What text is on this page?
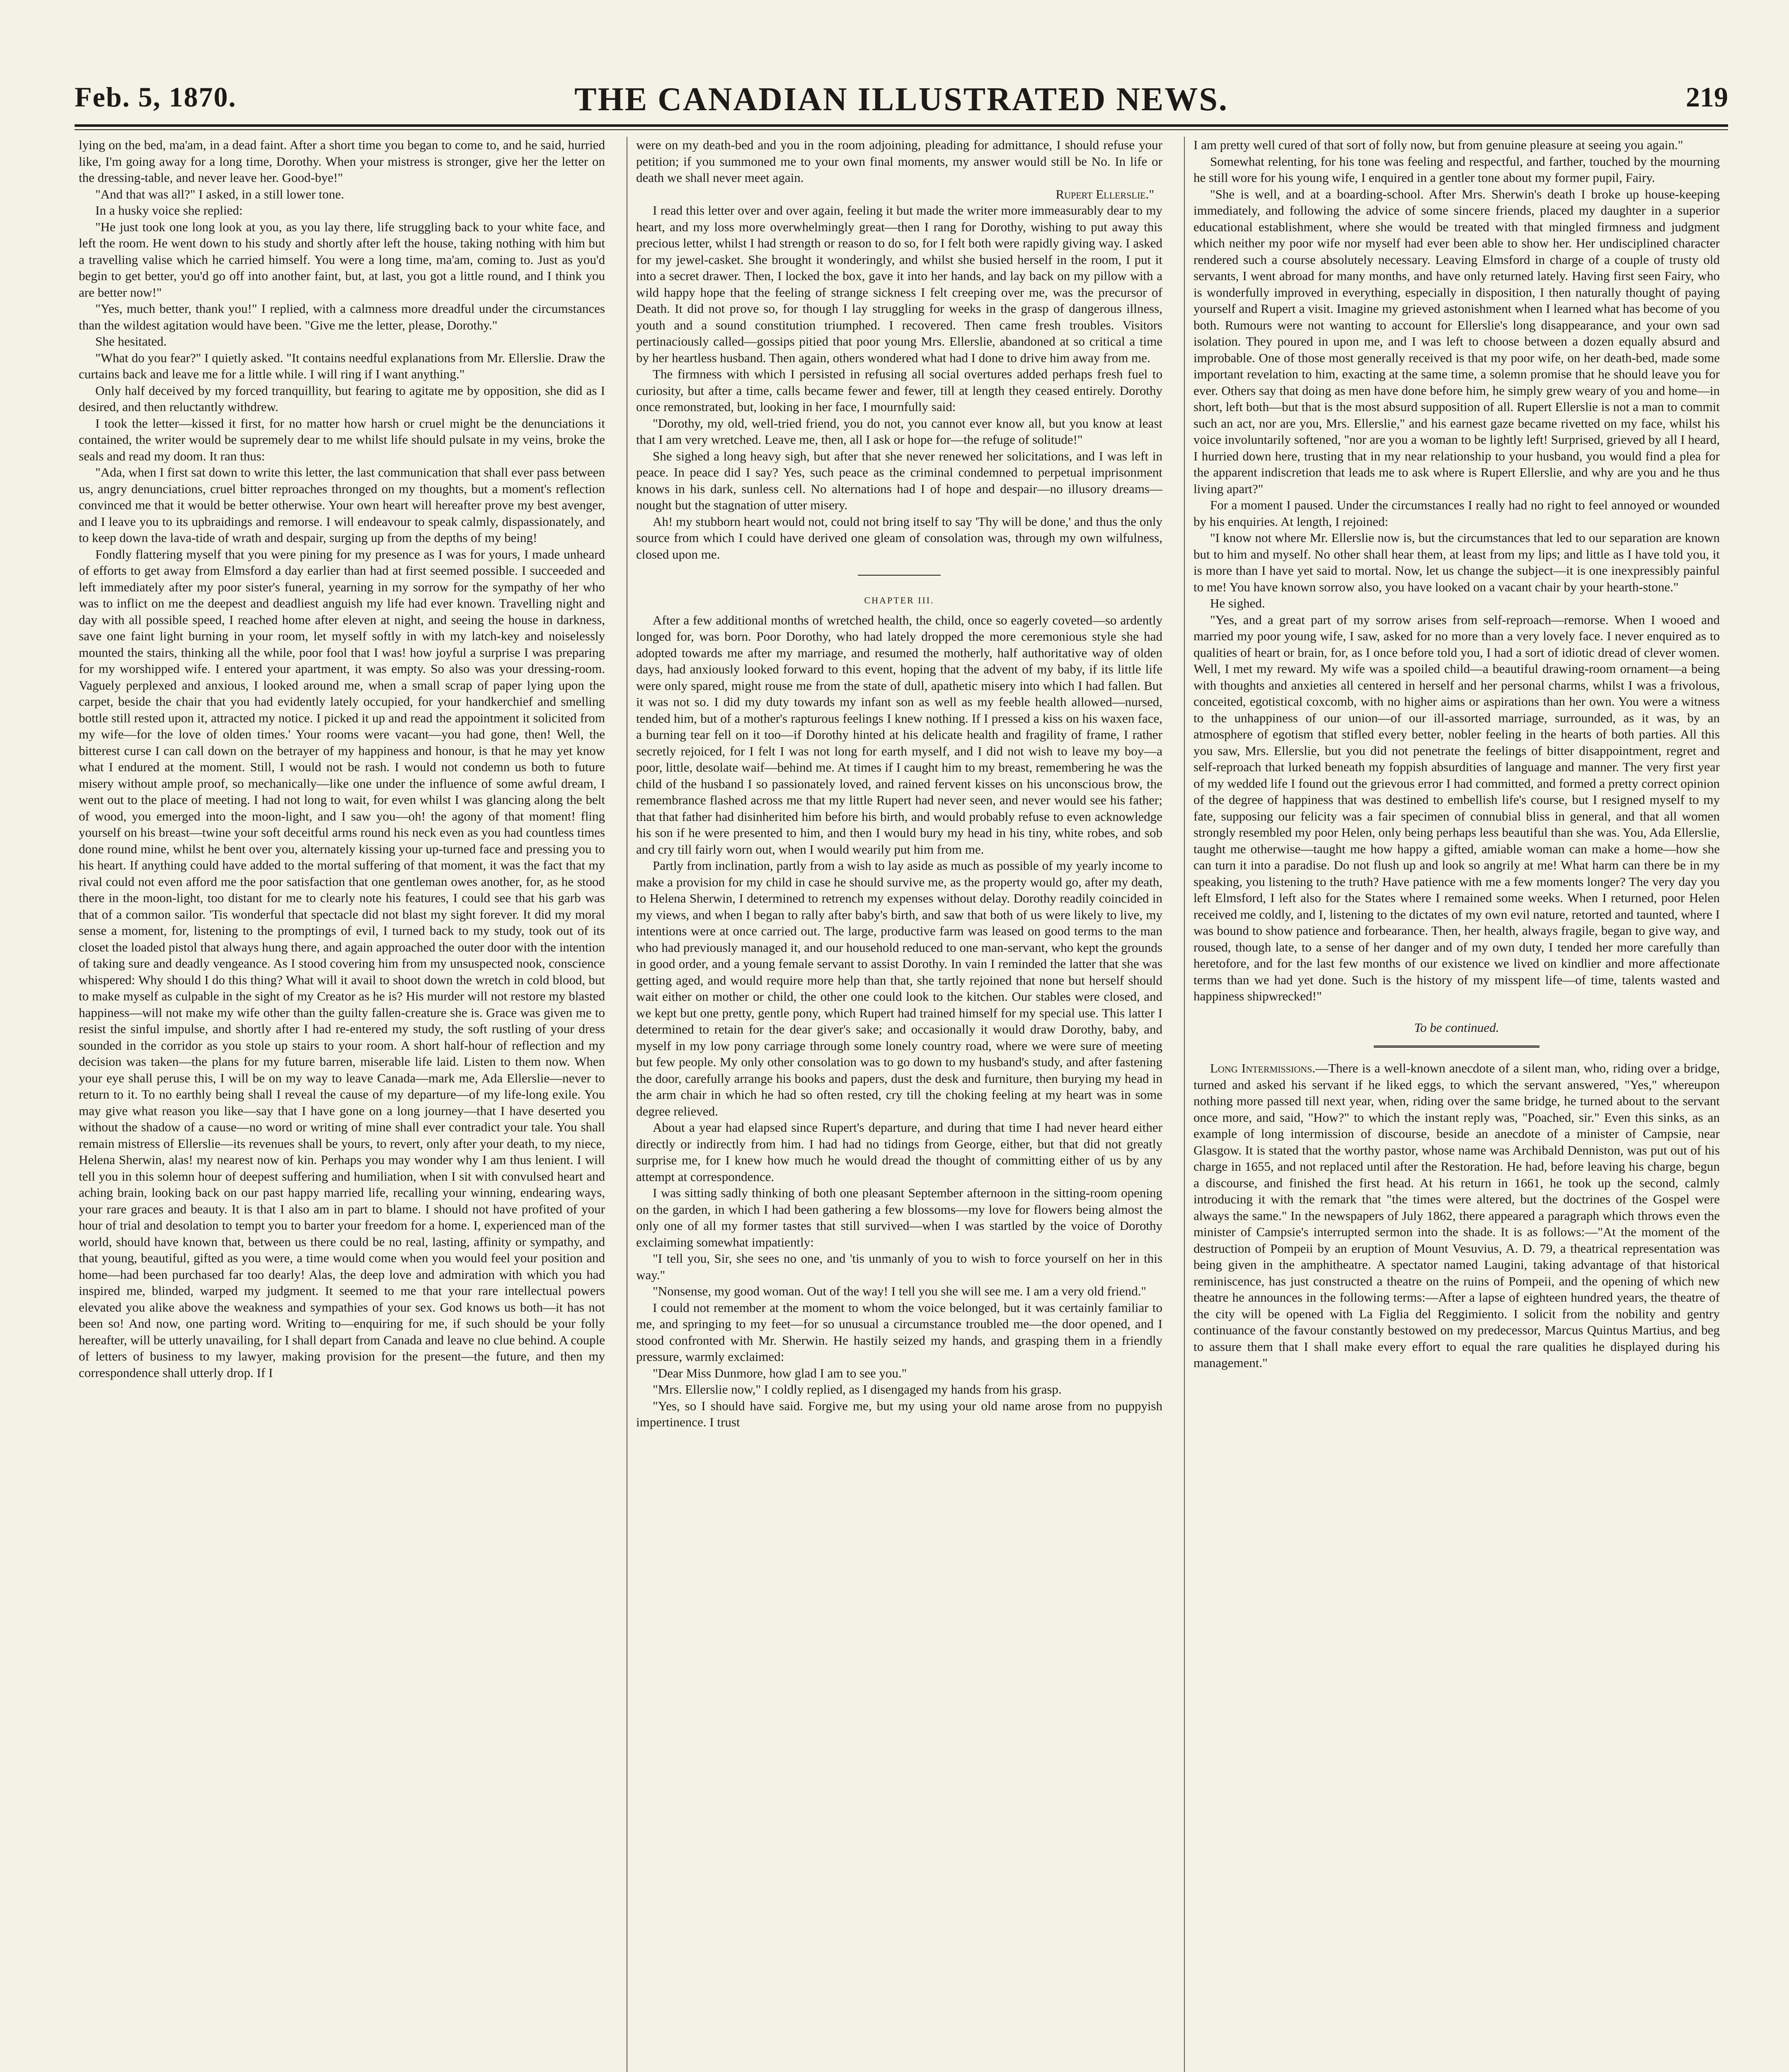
Feb. 5, 1870.	THE CANADIAN ILLUSTRATED NEWS.	219

lying on the bed, ma'am, in a dead faint. After a short time you began to come to, and he said, hurried like, I'm going away for a long time, Dorothy. When your mistress is stronger, give her the letter on the dressing-table, and never leave her. Good-bye!"

"And that was all?" I asked, in a still lower tone.

In a husky voice she replied:

"He just took one long look at you, as you lay there, life struggling back to your white face, and left the room. He went down to his study and shortly after left the house, taking nothing with him but a travelling valise which he carried himself. You were a long time, ma'am, coming to. Just as you'd begin to get better, you'd go off into another faint, but, at last, you got a little round, and I think you are better now!"

"Yes, much better, thank you!" I replied, with a calmness more dreadful under the circumstances than the wildest agitation would have been. "Give me the letter, please, Dorothy."

She hesitated.

"What do you fear?" I quietly asked. "It contains needful explanations from Mr. Ellerslie. Draw the curtains back and leave me for a little while. I will ring if I want anything."

Only half deceived by my forced tranquillity, but fearing to agitate me by opposition, she did as I desired, and then reluctantly withdrew.

I took the letter—kissed it first, for no matter how harsh or cruel might be the denunciations it contained, the writer would be supremely dear to me whilst life should pulsate in my veins, broke the seals and read my doom. It ran thus:

"Ada, when I first sat down to write this letter, the last communication that shall ever pass between us, angry denunciations, cruel bitter reproaches thronged on my thoughts, but a moment's reflection convinced me that it would be better otherwise. Your own heart will hereafter prove my best avenger, and I leave you to its upbraidings and remorse. I will endeavour to speak calmly, dispassionately, and to keep down the lava-tide of wrath and despair, surging up from the depths of my being!

Fondly flattering myself that you were pining for my presence as I was for yours, I made unheard of efforts to get away from Elmsford a day earlier than had at first seemed possible. I succeeded and left immediately after my poor sister's funeral, yearning in my sorrow for the sympathy of her who was to inflict on me the deepest and deadliest anguish my life had ever known. Travelling night and day with all possible speed, I reached home after eleven at night, and seeing the house in darkness, save one faint light burning in your room, let myself softly in with my latch-key and noiselessly mounted the stairs, thinking all the while, poor fool that I was! how joyful a surprise I was preparing for my worshipped wife. I entered your apartment, it was empty. So also was your dressing-room. Vaguely perplexed and anxious, I looked around me, when a small scrap of paper lying upon the carpet, beside the chair that you had evidently lately occupied, for your handkerchief and smelling bottle still rested upon it, attracted my notice. I picked it up and read the appointment it solicited from my wife—for the love of olden times.' Your rooms were vacant—you had gone, then! Well, the bitterest curse I can call down on the betrayer of my happiness and honour, is that he may yet know what I endured at the moment. Still, I would not be rash. I would not condemn us both to future misery without ample proof, so mechanically—like one under the influence of some awful dream, I went out to the place of meeting. I had not long to wait, for even whilst I was glancing along the belt of wood, you emerged into the moon-light, and I saw you—oh! the agony of that moment! fling yourself on his breast—twine your soft deceitful arms round his neck even as you had countless times done round mine, whilst he bent over you, alternately kissing your up-turned face and pressing you to his heart. If anything could have added to the mortal suffering of that moment, it was the fact that my rival could not even afford me the poor satisfaction that one gentleman owes another, for, as he stood there in the moon-light, too distant for me to clearly note his features, I could see that his garb was that of a common sailor. 'Tis wonderful that spectacle did not blast my sight forever. It did my moral sense a moment, for, listening to the promptings of evil, I turned back to my study, took out of its closet the loaded pistol that always hung there, and again approached the outer door with the intention of taking sure and deadly vengeance. As I stood covering him from my unsuspected nook, conscience whispered: Why should I do this thing? What will it avail to shoot down the wretch in cold blood, but to make myself as culpable in the sight of my Creator as he is? His murder will not restore my blasted happiness—will not make my wife other than the guilty fallen-creature she is. Grace was given me to resist the sinful impulse, and shortly after I had re-entered my study, the soft rustling of your dress sounded in the corridor as you stole up stairs to your room. A short half-hour of reflection and my decision was taken—the plans for my future barren, miserable life laid. Listen to them now. When your eye shall peruse this, I will be on my way to leave Canada—mark me, Ada Ellerslie—never to return to it. To no earthly being shall I reveal the cause of my departure—of my life-long exile. You may give what reason you like—say that I have gone on a long journey—that I have deserted you without the shadow of a cause—no word or writing of mine shall ever contradict your tale. You shall remain mistress of Ellerslie—its revenues shall be yours, to revert, only after your death, to my niece, Helena Sherwin, alas! my nearest now of kin. Perhaps you may wonder why I am thus lenient. I will tell you in this solemn hour of deepest suffering and humiliation, when I sit with convulsed heart and aching brain, looking back on our past happy married life, recalling your winning, endearing ways, your rare graces and beauty. It is that I also am in part to blame. I should not have profited of your hour of trial and desolation to tempt you to barter your freedom for a home. I, experienced man of the world, should have known that, between us there could be no real, lasting, affinity or sympathy, and that young, beautiful, gifted as you were, a time would come when you would feel your position and home—had been purchased far too dearly! Alas, the deep love and admiration with which you had inspired me, blinded, warped my judgment. It seemed to me that your rare intellectual powers elevated you alike above the weakness and sympathies of your sex. God knows us both—it has not been so! And now, one parting word. Writing to—enquiring for me, if such should be your folly hereafter, will be utterly unavailing, for I shall depart from Canada and leave no clue behind. A couple of letters of business to my lawyer, making provision for the present—the future, and then my correspondence shall utterly drop. If I

were on my death-bed and you in the room adjoining, pleading for admittance, I should refuse your petition; if you summoned me to your own final moments, my answer would still be No. In life or death we shall never meet again.

Rupert Ellerslie."

I read this letter over and over again, feeling it but made the writer more immeasurably dear to my heart, and my loss more overwhelmingly great—then I rang for Dorothy, wishing to put away this precious letter, whilst I had strength or reason to do so, for I felt both were rapidly giving way. I asked for my jewel-casket. She brought it wonderingly, and whilst she busied herself in the room, I put it into a secret drawer. Then, I locked the box, gave it into her hands, and lay back on my pillow with a wild happy hope that the feeling of strange sickness I felt creeping over me, was the precursor of Death. It did not prove so, for though I lay struggling for weeks in the grasp of dangerous illness, youth and a sound constitution triumphed. I recovered. Then came fresh troubles. Visitors pertinaciously called—gossips pitied that poor young Mrs. Ellerslie, abandoned at so critical a time by her heartless husband. Then again, others wondered what had I done to drive him away from me.

The firmness with which I persisted in refusing all social overtures added perhaps fresh fuel to curiosity, but after a time, calls became fewer and fewer, till at length they ceased entirely. Dorothy once remonstrated, but, looking in her face, I mournfully said:

"Dorothy, my old, well-tried friend, you do not, you cannot ever know all, but you know at least that I am very wretched. Leave me, then, all I ask or hope for—the refuge of solitude!"

She sighed a long heavy sigh, but after that she never renewed her solicitations, and I was left in peace. In peace did I say? Yes, such peace as the criminal condemned to perpetual imprisonment knows in his dark, sunless cell. No alternations had I of hope and despair—no illusory dreams—nought but the stagnation of utter misery.

Ah! my stubborn heart would not, could not bring itself to say 'Thy will be done,' and thus the only source from which I could have derived one gleam of consolation was, through my own wilfulness, closed upon me.

CHAPTER III.

After a few additional months of wretched health, the child, once so eagerly coveted—so ardently longed for, was born. Poor Dorothy, who had lately dropped the more ceremonious style she had adopted towards me after my marriage, and resumed the motherly, half authoritative way of olden days, had anxiously looked forward to this event, hoping that the advent of my baby, if its little life were only spared, might rouse me from the state of dull, apathetic misery into which I had fallen. But it was not so. I did my duty towards my infant son as well as my feeble health allowed—nursed, tended him, but of a mother's rapturous feelings I knew nothing. If I pressed a kiss on his waxen face, a burning tear fell on it too—if Dorothy hinted at his delicate health and fragility of frame, I rather secretly rejoiced, for I felt I was not long for earth myself, and I did not wish to leave my boy—a poor, little, desolate waif—behind me. At times if I caught him to my breast, remembering he was the child of the husband I so passionately loved, and rained fervent kisses on his unconscious brow, the remembrance flashed across me that my little Rupert had never seen, and never would see his father; that that father had disinherited him before his birth, and would probably refuse to even acknowledge his son if he were presented to him, and then I would bury my head in his tiny, white robes, and sob and cry till fairly worn out, when I would wearily put him from me.

Partly from inclination, partly from a wish to lay aside as much as possible of my yearly income to make a provision for my child in case he should survive me, as the property would go, after my death, to Helena Sherwin, I determined to retrench my expenses without delay. Dorothy readily coincided in my views, and when I began to rally after baby's birth, and saw that both of us were likely to live, my intentions were at once carried out. The large, productive farm was leased on good terms to the man who had previously managed it, and our household reduced to one man-servant, who kept the grounds in good order, and a young female servant to assist Dorothy. In vain I reminded the latter that she was getting aged, and would require more help than that, she tartly rejoined that none but herself should wait either on mother or child, the other one could look to the kitchen. Our stables were closed, and we kept but one pretty, gentle pony, which Rupert had trained himself for my special use. This latter I determined to retain for the dear giver's sake; and occasionally it would draw Dorothy, baby, and myself in my low pony carriage through some lonely country road, where we were sure of meeting but few people. My only other consolation was to go down to my husband's study, and after fastening the door, carefully arrange his books and papers, dust the desk and furniture, then burying my head in the arm chair in which he had so often rested, cry till the choking feeling at my heart was in some degree relieved.

About a year had elapsed since Rupert's departure, and during that time I had never heard either directly or indirectly from him. I had had no tidings from George, either, but that did not greatly surprise me, for I knew how much he would dread the thought of committing either of us by any attempt at correspondence.

I was sitting sadly thinking of both one pleasant September afternoon in the sitting-room opening on the garden, in which I had been gathering a few blossoms—my love for flowers being almost the only one of all my former tastes that still survived—when I was startled by the voice of Dorothy exclaiming somewhat impatiently:

"I tell you, Sir, she sees no one, and 'tis unmanly of you to wish to force yourself on her in this way."

"Nonsense, my good woman. Out of the way! I tell you she will see me. I am a very old friend."

I could not remember at the moment to whom the voice belonged, but it was certainly familiar to me, and springing to my feet—for so unusual a circumstance troubled me—the door opened, and I stood confronted with Mr. Sherwin. He hastily seized my hands, and grasping them in a friendly pressure, warmly exclaimed:

"Dear Miss Dunmore, how glad I am to see you."

"Mrs. Ellerslie now," I coldly replied, as I disengaged my hands from his grasp.

"Yes, so I should have said. Forgive me, but my using your old name arose from no puppyish impertinence. I trust

I am pretty well cured of that sort of folly now, but from genuine pleasure at seeing you again."

Somewhat relenting, for his tone was feeling and respectful, and farther, touched by the mourning he still wore for his young wife, I enquired in a gentler tone about my former pupil, Fairy.

"She is well, and at a boarding-school. After Mrs. Sherwin's death I broke up house-keeping immediately, and following the advice of some sincere friends, placed my daughter in a superior educational establishment, where she would be treated with that mingled firmness and judgment which neither my poor wife nor myself had ever been able to show her. Her undisciplined character rendered such a course absolutely necessary. Leaving Elmsford in charge of a couple of trusty old servants, I went abroad for many months, and have only returned lately. Having first seen Fairy, who is wonderfully improved in everything, especially in disposition, I then naturally thought of paying yourself and Rupert a visit. Imagine my grieved astonishment when I learned what has become of you both. Rumours were not wanting to account for Ellerslie's long disappearance, and your own sad isolation. They poured in upon me, and I was left to choose between a dozen equally absurd and improbable. One of those most generally received is that my poor wife, on her death-bed, made some important revelation to him, exacting at the same time, a solemn promise that he should leave you for ever. Others say that doing as men have done before him, he simply grew weary of you and home—in short, left both—but that is the most absurd supposition of all. Rupert Ellerslie is not a man to commit such an act, nor are you, Mrs. Ellerslie," and his earnest gaze became rivetted on my face, whilst his voice involuntarily softened, "nor are you a woman to be lightly left! Surprised, grieved by all I heard, I hurried down here, trusting that in my near relationship to your husband, you would find a plea for the apparent indiscretion that leads me to ask where is Rupert Ellerslie, and why are you and he thus living apart?"

For a moment I paused. Under the circumstances I really had no right to feel annoyed or wounded by his enquiries. At length, I rejoined:

"I know not where Mr. Ellerslie now is, but the circumstances that led to our separation are known but to him and myself. No other shall hear them, at least from my lips; and little as I have told you, it is more than I have yet said to mortal. Now, let us change the subject—it is one inexpressibly painful to me! You have known sorrow also, you have looked on a vacant chair by your hearth-stone."

He sighed.

"Yes, and a great part of my sorrow arises from self-reproach—remorse. When I wooed and married my poor young wife, I saw, asked for no more than a very lovely face. I never enquired as to qualities of heart or brain, for, as I once before told you, I had a sort of idiotic dread of clever women. Well, I met my reward. My wife was a spoiled child—a beautiful drawing-room ornament—a being with thoughts and anxieties all centered in herself and her personal charms, whilst I was a frivolous, conceited, egotistical coxcomb, with no higher aims or aspirations than her own. You were a witness to the unhappiness of our union—of our ill-assorted marriage, surrounded, as it was, by an atmosphere of egotism that stifled every better, nobler feeling in the hearts of both parties. All this you saw, Mrs. Ellerslie, but you did not penetrate the feelings of bitter disappointment, regret and self-reproach that lurked beneath my foppish absurdities of language and manner. The very first year of my wedded life I found out the grievous error I had committed, and formed a pretty correct opinion of the degree of happiness that was destined to embellish life's course, but I resigned myself to my fate, supposing our felicity was a fair specimen of connubial bliss in general, and that all women strongly resembled my poor Helen, only being perhaps less beautiful than she was. You, Ada Ellerslie, taught me otherwise—taught me how happy a gifted, amiable woman can make a home—how she can turn it into a paradise. Do not flush up and look so angrily at me! What harm can there be in my speaking, you listening to the truth? Have patience with me a few moments longer? The very day you left Elmsford, I left also for the States where I remained some weeks. When I returned, poor Helen received me coldly, and I, listening to the dictates of my own evil nature, retorted and taunted, where I was bound to show patience and forbearance. Then, her health, always fragile, began to give way, and roused, though late, to a sense of her danger and of my own duty, I tended her more carefully than heretofore, and for the last few months of our existence we lived on kindlier and more affectionate terms than we had yet done. Such is the history of my misspent life—of time, talents wasted and happiness shipwrecked!"

To be continued.

Long Intermissions.—There is a well-known anecdote of a silent man, who, riding over a bridge, turned and asked his servant if he liked eggs, to which the servant answered, "Yes," whereupon nothing more passed till next year, when, riding over the same bridge, he turned about to the servant once more, and said, "How?" to which the instant reply was, "Poached, sir." Even this sinks, as an example of long intermission of discourse, beside an anecdote of a minister of Campsie, near Glasgow. It is stated that the worthy pastor, whose name was Archibald Denniston, was put out of his charge in 1655, and not replaced until after the Restoration. He had, before leaving his charge, begun a discourse, and finished the first head. At his return in 1661, he took up the second, calmly introducing it with the remark that "the times were altered, but the doctrines of the Gospel were always the same." In the newspapers of July 1862, there appeared a paragraph which throws even the minister of Campsie's interrupted sermon into the shade. It is as follows:—"At the moment of the destruction of Pompeii by an eruption of Mount Vesuvius, A. D. 79, a theatrical representation was being given in the amphitheatre. A spectator named Laugini, taking advantage of that historical reminiscence, has just constructed a theatre on the ruins of Pompeii, and the opening of which new theatre he announces in the following terms:—After a lapse of eighteen hundred years, the theatre of the city will be opened with La Figlia del Reggimiento. I solicit from the nobility and gentry continuance of the favour constantly bestowed on my predecessor, Marcus Quintus Martius, and beg to assure them that I shall make every effort to equal the rare qualities he displayed during his management."
